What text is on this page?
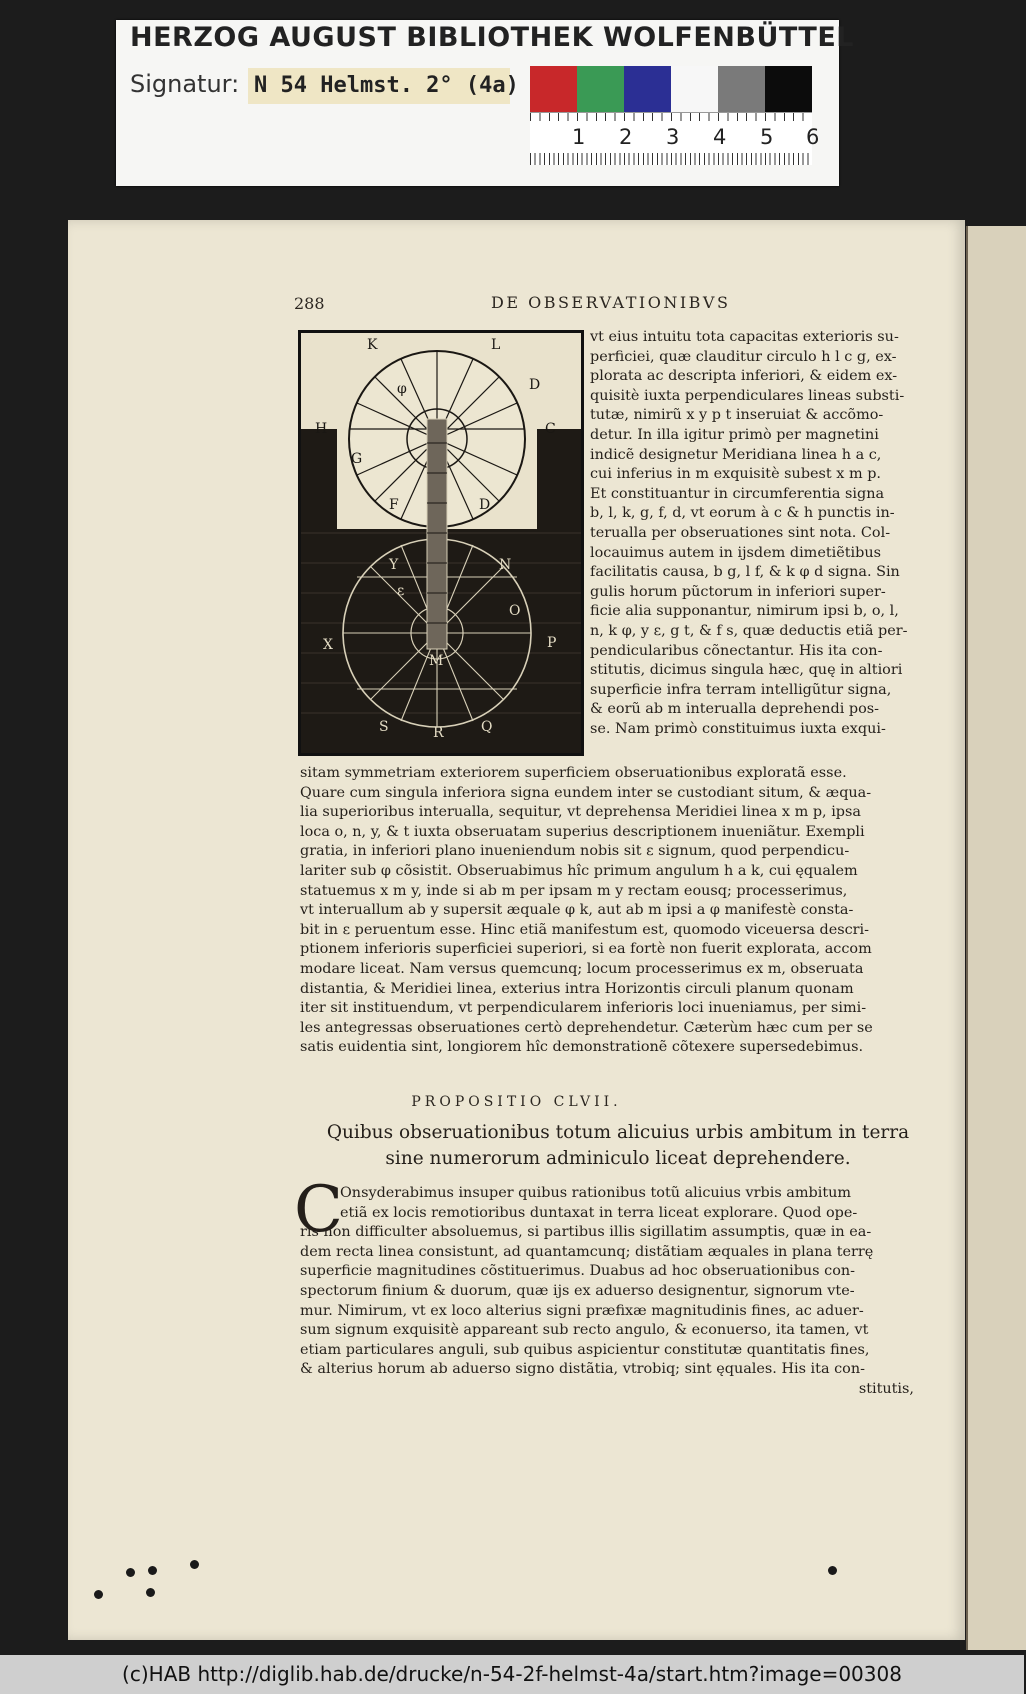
HERZOG AUGUST BIBLIOTHEK WOLFENBÜTTEL
Signatur: N 54 Helmst. 2° (4a)
1 2 3 4 5 6
288	DE OBSERVATIONIBVS
K	L
D
H	C
G
F	D
φ
Y	N
X	P
M
S	R	Q
O
ε
vt eius intuitu tota capacitas exterioris su-
perficiei, quæ clauditur circulo h l c g, ex-
plorata ac descripta inferiori, & eidem ex-
quisitè iuxta perpendiculares lineas substi-
tutæ, nimirũ x y p t inseruiat & accõmo-
detur. In illa igitur primò per magnetini
indicẽ designetur Meridiana linea h a c,
cui inferius in m exquisitè subest x m p.
Et constituantur in circumferentia signa
b, l, k, g, f, d, vt eorum à c & h punctis in-
terualla per obseruationes sint nota. Col-
locauimus autem in ijsdem dimetiẽtibus
facilitatis causa, b g, l f, & k φ d signa. Sin
gulis horum pũctorum in inferiori super-
ficie alia supponantur, nimirum ipsi b, o, l,
n, k φ, y ε, g t, & f s, quæ deductis etiã per-
pendicularibus cõnectantur. His ita con-
stitutis, dicimus singula hæc, quę in altiori
superficie infra terram intelligũtur signa,
& eorũ ab m interualla deprehendi pos-
se. Nam primò constituimus iuxta exqui-
sitam symmetriam exteriorem superficiem obseruationibus exploratã esse.
Quare cum singula inferiora signa eundem inter se custodiant situm, & æqua-
lia superioribus interualla, sequitur, vt deprehensa Meridiei linea x m p, ipsa
loca o, n, y, & t iuxta obseruatam superius descriptionem inueniãtur. Exempli
gratia, in inferiori plano inueniendum nobis sit ε signum, quod perpendicu-
lariter sub φ cõsistit. Obseruabimus hîc primum angulum h a k, cui ęqualem
statuemus x m y, inde si ab m per ipsam m y rectam eousq; processerimus,
vt interuallum ab y supersit æquale φ k, aut ab m ipsi a φ manifestè consta-
bit in ε peruentum esse. Hinc etiã manifestum est, quomodo viceuersa descri-
ptionem inferioris superficiei superiori, si ea fortè non fuerit explorata, accom
modare liceat. Nam versus quemcunq; locum processerimus ex m, obseruata
distantia, & Meridiei linea, exterius intra Horizontis circuli planum quonam
iter sit instituendum, vt perpendicularem inferioris loci inueniamus, per simi-
les antegressas obseruationes certò deprehendetur. Cæterùm hæc cum per se
satis euidentia sint, longiorem hîc demonstrationẽ cõtexere supersedebimus.
PROPOSITIO CLVII.
Quibus obseruationibus totum alicuius urbis ambitum in terra
sine numerorum adminiculo liceat deprehendere.
C
Onsyderabimus insuper quibus rationibus totũ alicuius vrbis ambitum
etiã ex locis remotioribus duntaxat in terra liceat explorare. Quod ope-
ris non difficulter absoluemus, si partibus illis sigillatim assumptis, quæ in ea-
dem recta linea consistunt, ad quantamcunq; distãtiam æquales in plana terrę
superficie magnitudines cõstituerimus. Duabus ad hoc obseruationibus con-
spectorum finium & duorum, quæ ijs ex aduerso designentur, signorum vte-
mur. Nimirum, vt ex loco alterius signi præfixæ magnitudinis fines, ac aduer-
sum signum exquisitè appareant sub recto angulo, & econuerso, ita tamen, vt
etiam particulares anguli, sub quibus aspicientur constitutæ quantitatis fines,
& alterius horum ab aduerso signo distãtia, vtrobiq; sint ęquales. His ita con-
stitutis,
(c)HAB http://diglib.hab.de/drucke/n-54-2f-helmst-4a/start.htm?image=00308
